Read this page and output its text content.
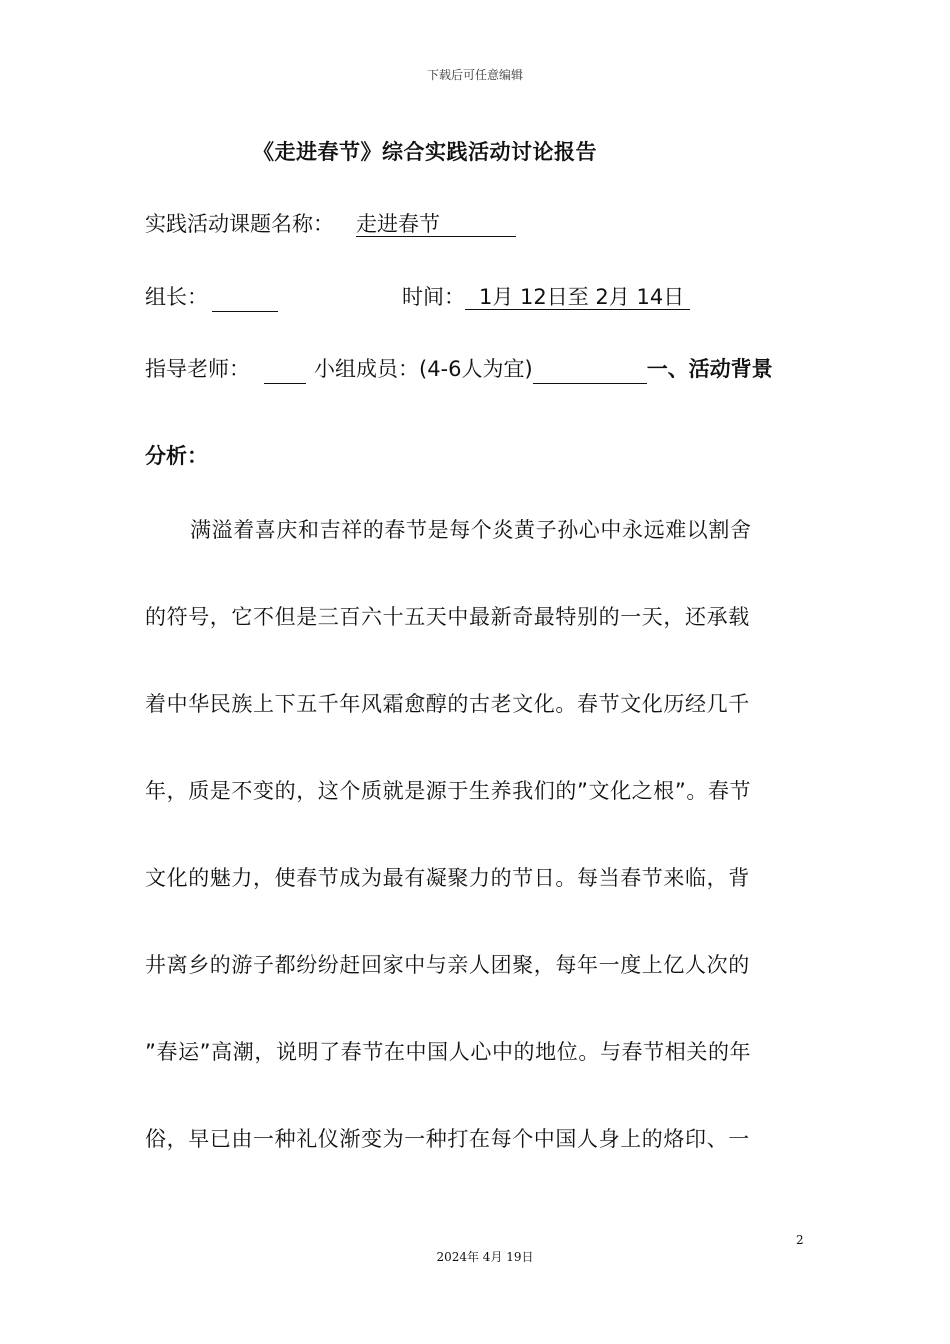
下载后可任意编辑
《走进春节》综合实践活动讨论报告
实践活动课题名称： 走进春节
组长：	时间： 1月 12日至 2月 14日
指导老师：	小组成员：(4-6人为宜)	一、活动背景
分析：
满溢着喜庆和吉祥的春节是每个炎黄子孙心中永远难以割舍
的符号，它不但是三百六十五天中最新奇最特别的一天，还承载
着中华民族上下五千年风霜愈醇的古老文化。春节文化历经几千
年，质是不变的，这个质就是源于生养我们的”文化之根”。春节
文化的魅力，使春节成为最有凝聚力的节日。每当春节来临，背
井离乡的游子都纷纷赶回家中与亲人团聚，每年一度上亿人次的
”春运”高潮，说明了春节在中国人心中的地位。与春节相关的年
俗，早已由一种礼仪渐变为一种打在每个中国人身上的烙印、一
2
2024年 4月 19日
